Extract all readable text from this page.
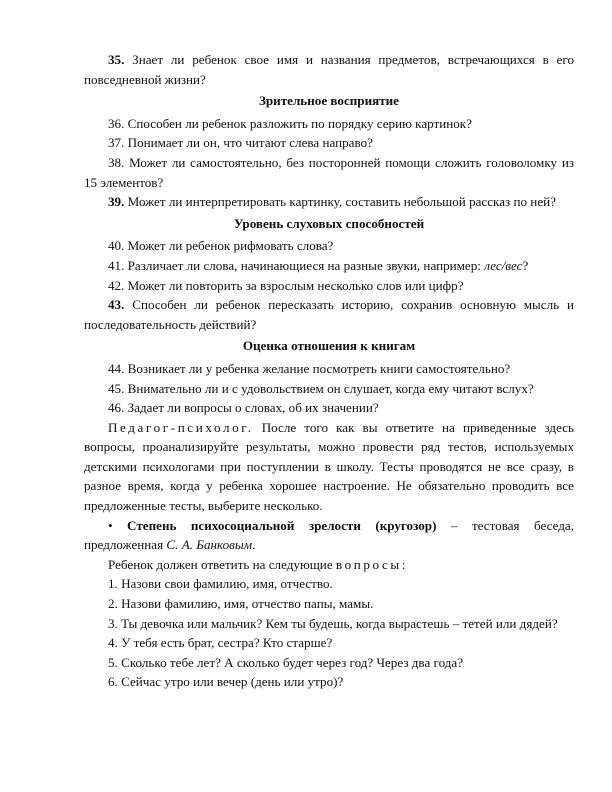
35. Знает ли ребенок свое имя и названия предметов, встречающихся в его повседневной жизни?

Зрительное восприятие

36. Способен ли ребенок разложить по порядку серию картинок?

37. Понимает ли он, что читают слева направо?

38. Может ли самостоятельно, без посторонней помощи сложить головоломку из 15 элементов?

39. Может ли интерпретировать картинку, составить небольшой рассказ по ней?

Уровень слуховых способностей

40. Может ли ребенок рифмовать слова?

41. Различает ли слова, начинающиеся на разные звуки, например: лес/вес?

42. Может ли повторить за взрослым несколько слов или цифр?

43. Способен ли ребенок пересказать историю, сохранив основную мысль и последовательность действий?

Оценка отношения к книгам

44. Возникает ли у ребенка желание посмотреть книги самостоятельно?

45. Внимательно ли и с удовольствием он слушает, когда ему читают вслух?

46. Задает ли вопросы о словах, об их значении?

Педагог-психолог. После того как вы ответите на приведенные здесь вопросы, проанализируйте результаты, можно провести ряд тестов, используемых детскими психологами при поступлении в школу. Тесты проводятся не все сразу, в разное время, когда у ребенка хорошее настроение. Не обязательно проводить все предложенные тесты, выберите несколько.

• Степень психосоциальной зрелости (кругозор) – тестовая беседа, предложенная С. А. Банковым.

Ребенок должен ответить на следующие вопросы:

1. Назови свои фамилию, имя, отчество.

2. Назови фамилию, имя, отчество папы, мамы.

3. Ты девочка или мальчик? Кем ты будешь, когда вырастешь – тетей или дядей?

4. У тебя есть брат, сестра? Кто старше?

5. Сколько тебе лет? А сколько будет через год? Через два года?

6. Сейчас утро или вечер (день или утро)?
